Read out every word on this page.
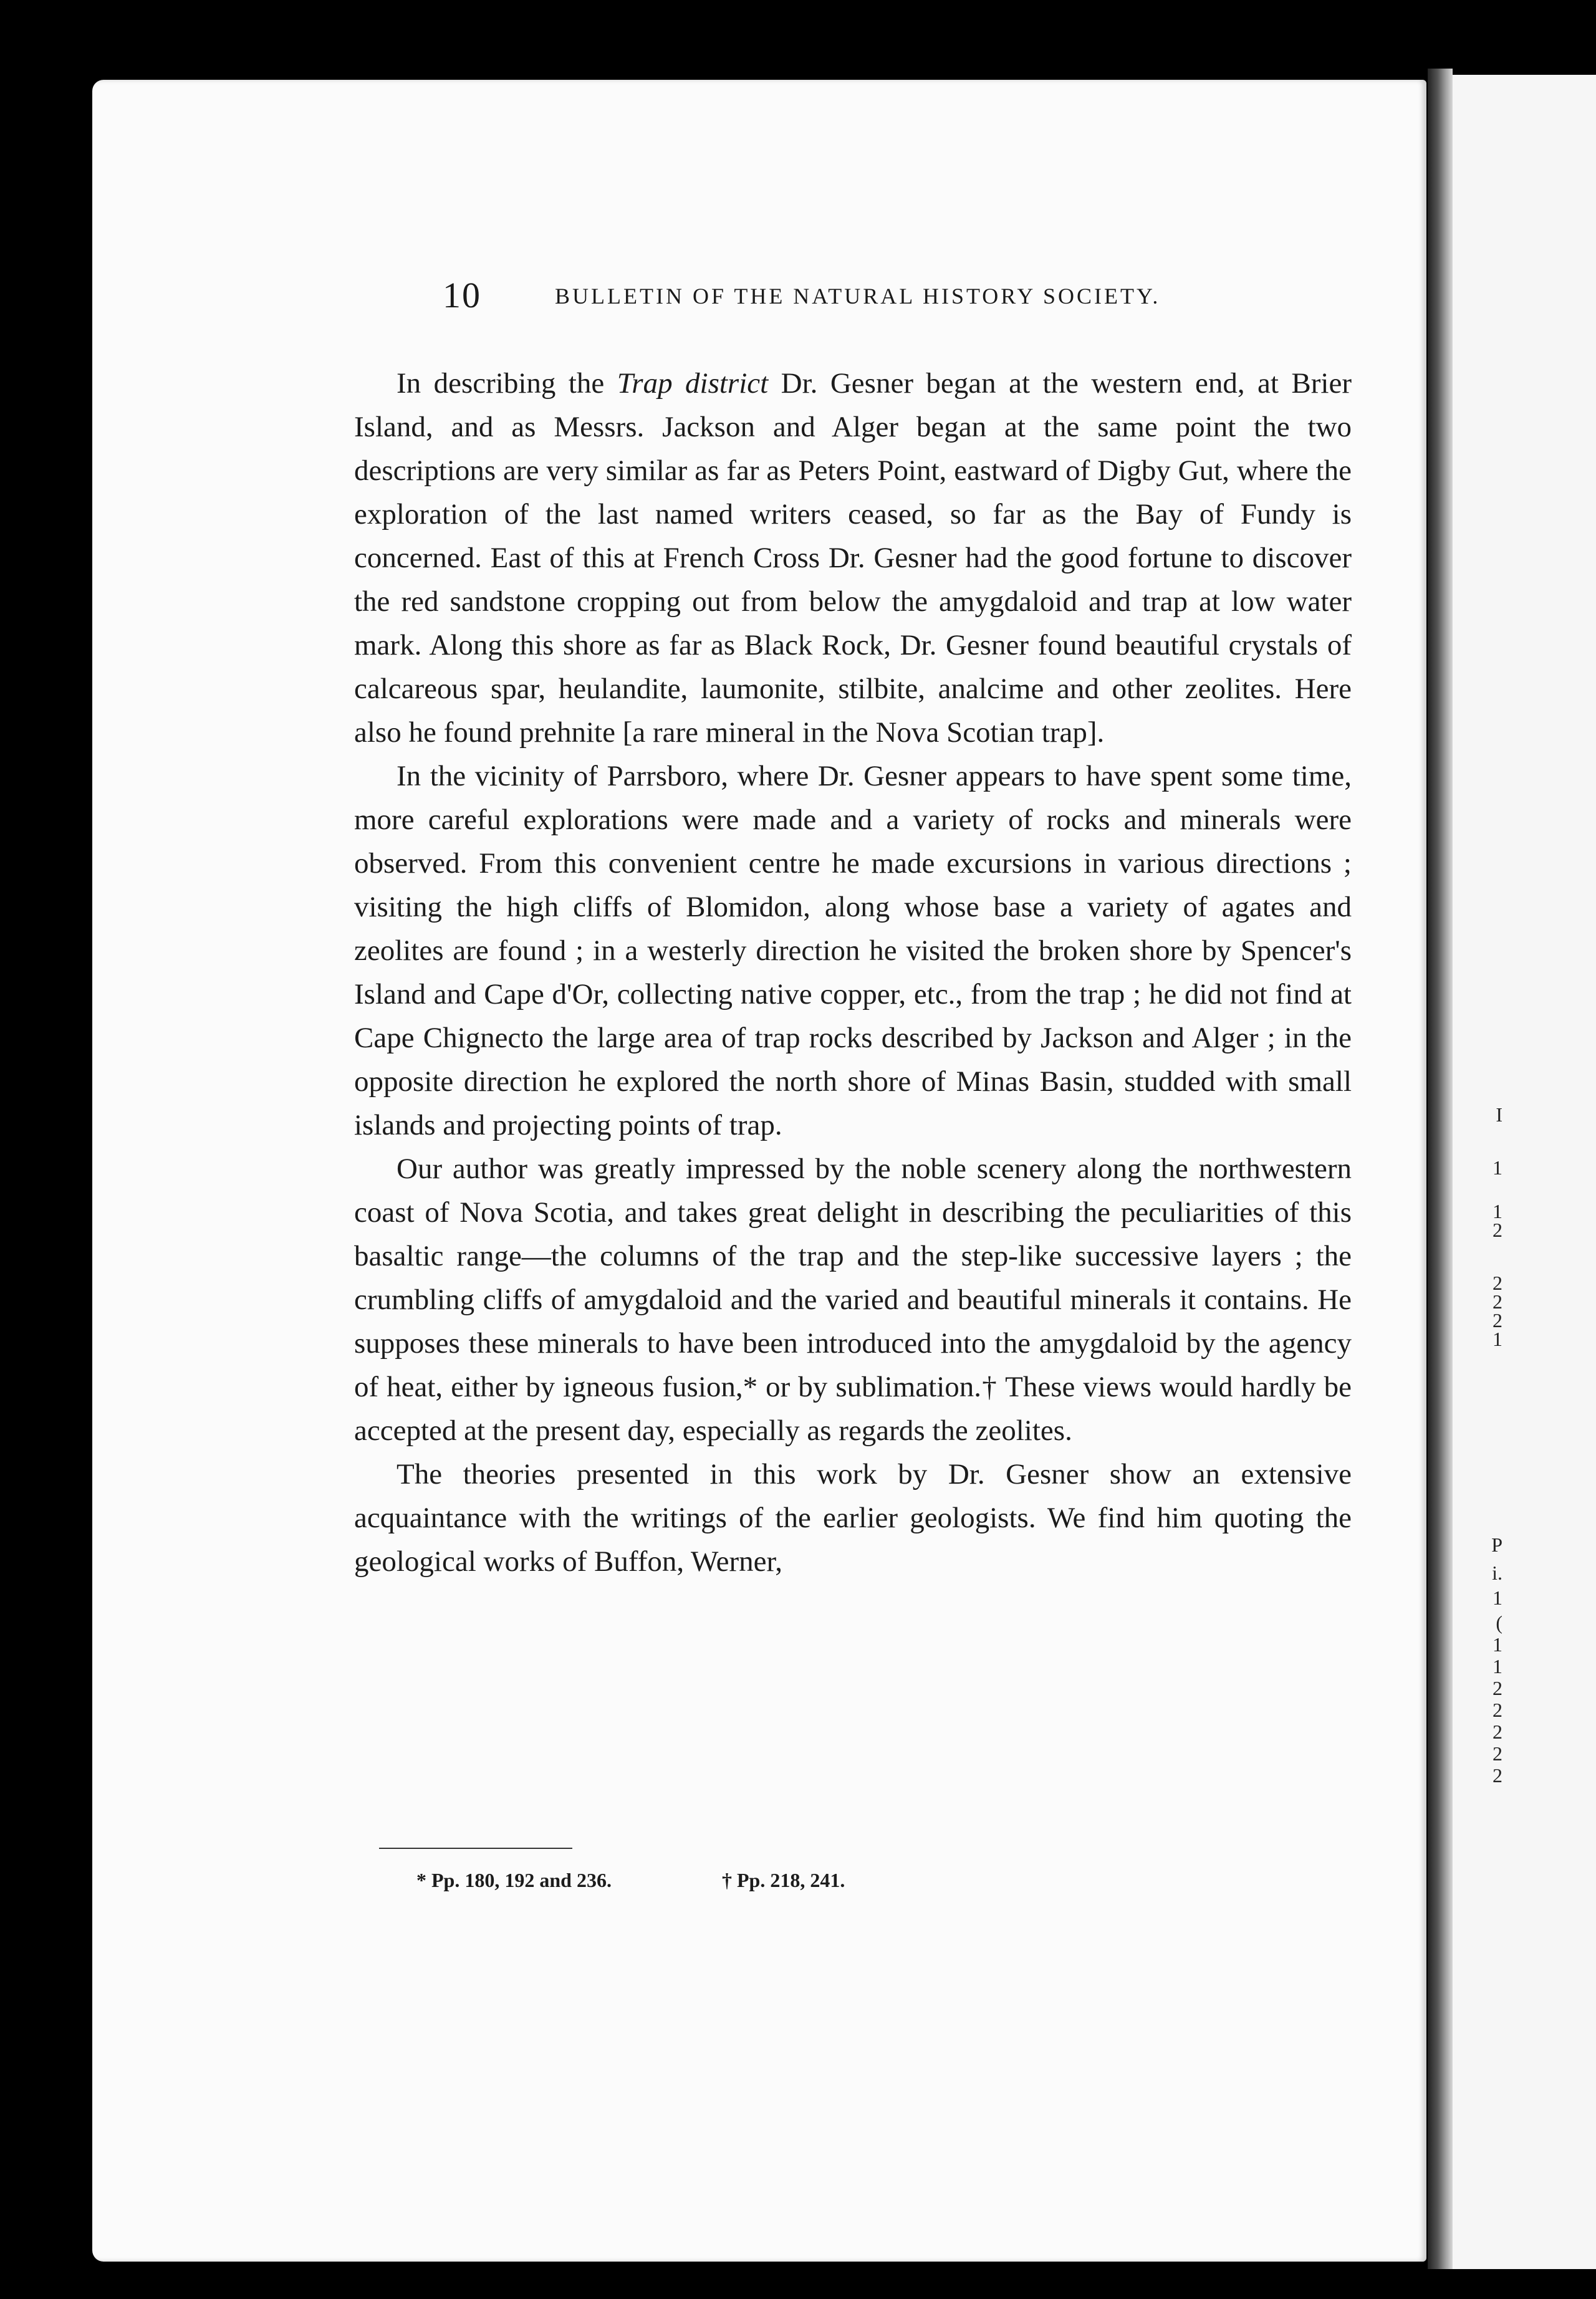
I
1
1
2
2
2
2
1
P
i.
1
(
1
1
2
2
2
2
2
10	BULLETIN OF THE NATURAL HISTORY SOCIETY.

In describing the Trap district Dr. Gesner began at the western end, at Brier Island, and as Messrs. Jackson and Alger began at the same point the two descriptions are very similar as far as Peters Point, eastward of Digby Gut, where the exploration of the last named writers ceased, so far as the Bay of Fundy is concerned. East of this at French Cross Dr. Gesner had the good fortune to discover the red sandstone cropping out from below the amygdaloid and trap at low water mark. Along this shore as far as Black Rock, Dr. Gesner found beautiful crystals of calcareous spar, heulandite, laumonite, stilbite, analcime and other zeolites. Here also he found prehnite [a rare mineral in the Nova Scotian trap].

In the vicinity of Parrsboro, where Dr. Gesner appears to have spent some time, more careful explorations were made and a variety of rocks and minerals were observed. From this convenient centre he made excursions in various directions ; visiting the high cliffs of Blomidon, along whose base a variety of agates and zeolites are found ; in a westerly direction he visited the broken shore by Spencer's Island and Cape d'Or, collecting native copper, etc., from the trap ; he did not find at Cape Chignecto the large area of trap rocks described by Jackson and Alger ; in the opposite direction he explored the north shore of Minas Basin, studded with small islands and projecting points of trap.

Our author was greatly impressed by the noble scenery along the northwestern coast of Nova Scotia, and takes great delight in describing the peculiarities of this basaltic range—the columns of the trap and the step-like successive layers ; the crumbling cliffs of amygdaloid and the varied and beautiful minerals it contains. He supposes these minerals to have been introduced into the amygdaloid by the agency of heat, either by igneous fusion,* or by sublimation.† These views would hardly be accepted at the present day, especially as regards the zeolites.

The theories presented in this work by Dr. Gesner show an extensive acquaintance with the writings of the earlier geologists. We find him quoting the geological works of Buffon, Werner,

* Pp. 180, 192 and 236.	† Pp. 218, 241.
